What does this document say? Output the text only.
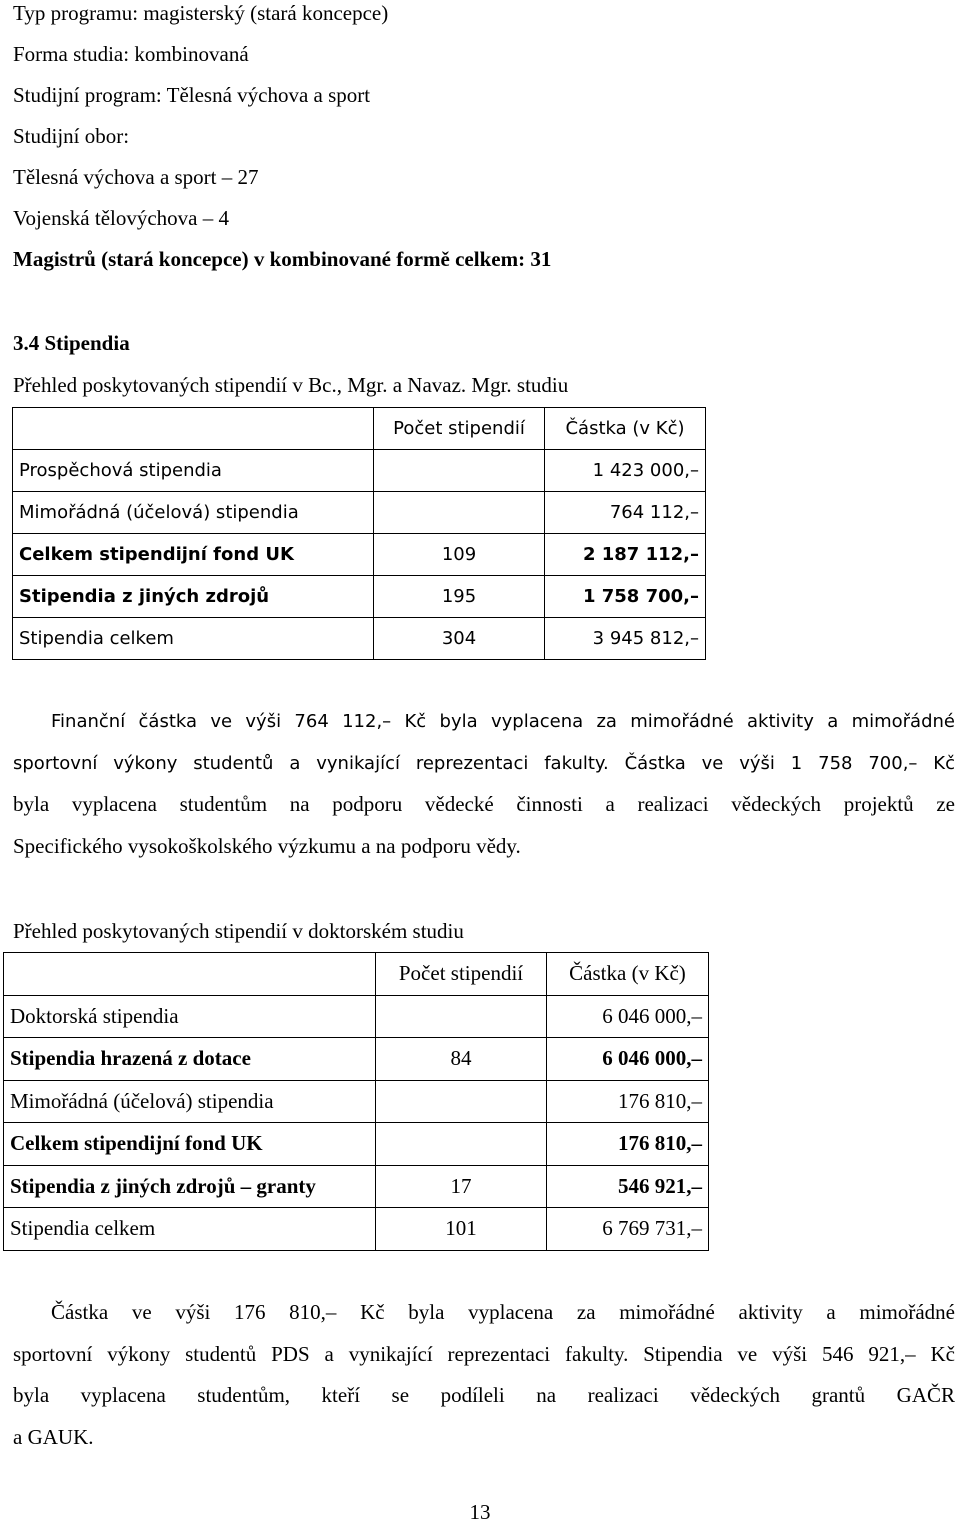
Typ programu: magisterský (stará koncepce)
Forma studia: kombinovaná
Studijní program: Tělesná výchova a sport
Studijní obor:
Tělesná výchova a sport – 27
Vojenská tělovýchova – 4
Magistrů (stará koncepce) v kombinované formě celkem: 31
3.4 Stipendia
Přehled poskytovaných stipendií v Bc., Mgr. a Navaz. Mgr. studiu
	Počet stipendií	Částka (v Kč)
Prospěchová stipendia		1 423 000,–
Mimořádná (účelová) stipendia		764 112,–
Celkem stipendijní fond UK	109	2 187 112,–
Stipendia z jiných zdrojů	195	1 758 700,–
Stipendia celkem	304	3 945 812,–
Finanční částka ve výši 764 112,– Kč byla vyplacena za mimořádné aktivity a mimořádné
sportovní výkony studentů a vynikající reprezentaci fakulty. Částka ve výši 1 758 700,– Kč
byla vyplacena studentům na podporu vědecké činnosti a realizaci vědeckých projektů ze
Specifického vysokoškolského výzkumu a na podporu vědy.
Přehled poskytovaných stipendií v doktorském studiu
	Počet stipendií	Částka (v Kč)
Doktorská stipendia		6 046 000,–
Stipendia hrazená z dotace	84	6 046 000,–
Mimořádná (účelová) stipendia		176 810,–
Celkem stipendijní fond UK		176 810,–
Stipendia z jiných zdrojů – granty	17	546 921,–
Stipendia celkem	101	6 769 731,–
Částka ve výši 176 810,– Kč byla vyplacena za mimořádné aktivity a mimořádné
sportovní výkony studentů PDS a vynikající reprezentaci fakulty. Stipendia ve výši 546 921,– Kč
byla vyplacena studentům, kteří se podíleli na realizaci vědeckých grantů GAČR
a GAUK.
13
